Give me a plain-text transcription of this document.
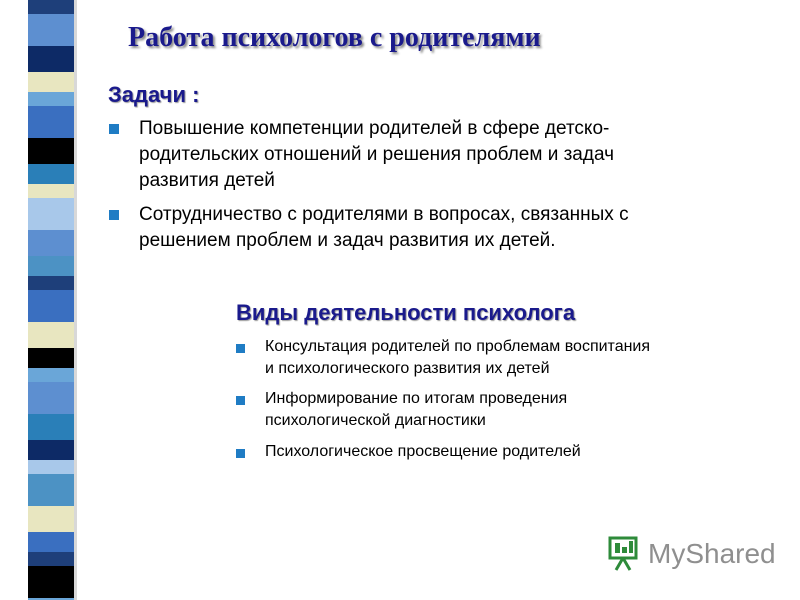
Работа психологов с родителями
Задачи :
Повышение компетенции родителей в сфере детско-
родительских отношений и решения проблем и задач
развития детей
Сотрудничество с родителями в вопросах, связанных с
решением проблем и задач развития их детей.
Виды деятельности психолога
Консультация родителей по проблемам воспитания
и психологического развития их детей
Информирование по итогам проведения
психологической диагностики
Психологическое просвещение родителей
MyShared
